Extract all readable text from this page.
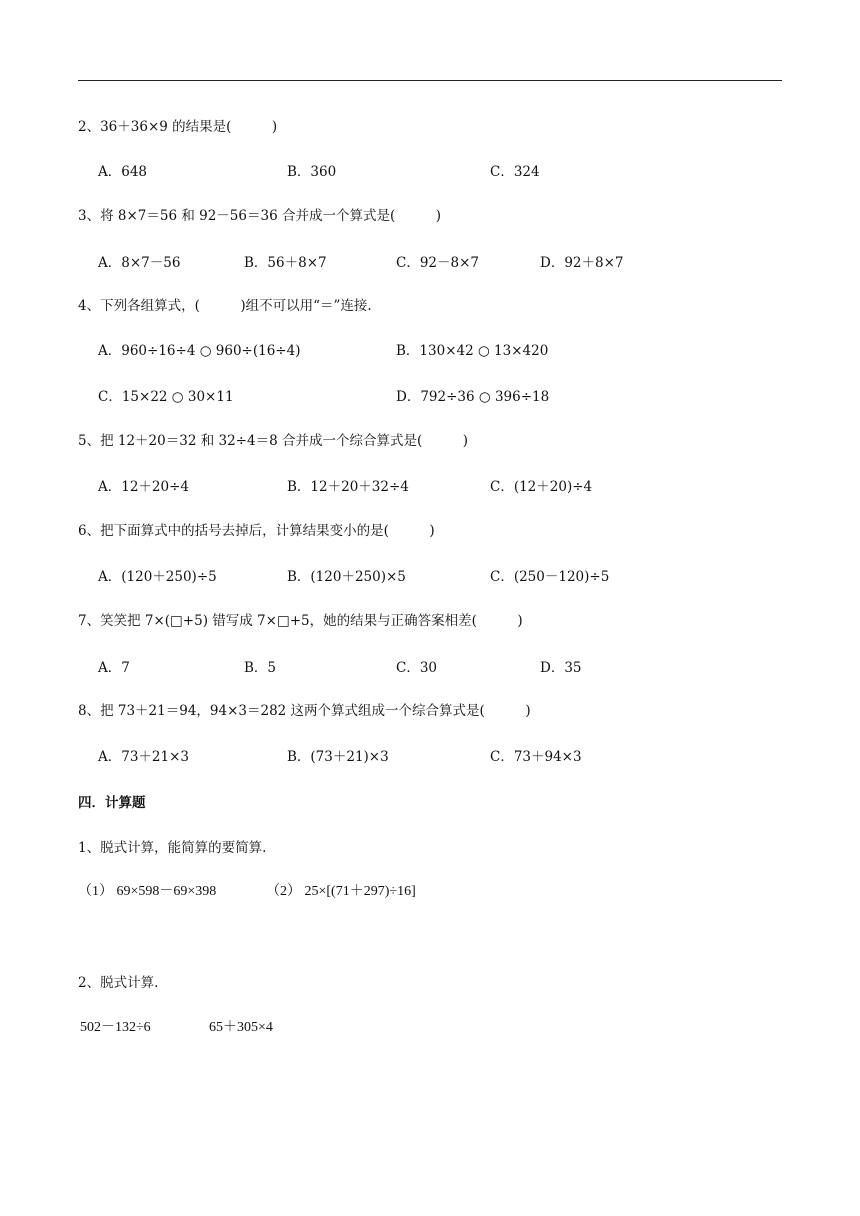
2、36＋36×9 的结果是(　　　)
A．648	B．360	C．324
3、将 8×7＝56 和 92－56＝36 合并成一个算式是(　　　)
A．8×7－56	B．56＋8×7	C．92－8×7	D．92＋8×7
4、下列各组算式，(　　　)组不可以用“＝”连接.
A．960÷16÷4 ○ 960÷(16÷4)	B．130×42 ○ 13×420
C．15×22 ○ 30×11	D．792÷36 ○ 396÷18
5、把 12＋20＝32 和 32÷4＝8 合并成一个综合算式是(　　　)
A．12＋20÷4	B．12＋20＋32÷4	C．(12＋20)÷4
6、把下面算式中的括号去掉后，计算结果变小的是(　　　)
A．(120＋250)÷5	B．(120＋250)×5	C．(250－120)÷5
7、笑笑把 7×(□+5) 错写成 7×□+5，她的结果与正确答案相差(　　　)
A．7	B．5	C．30	D．35
8、把 73＋21＝94，94×3＝282 这两个算式组成一个综合算式是(　　　)
A．73＋21×3	B．(73＋21)×3	C．73＋94×3
四．计算题
1、脱式计算，能简算的要简算.
（1） 69×598－69×398	（2） 25×[(71＋297)÷16]
2、脱式计算.
502－132÷6	65＋305×4
